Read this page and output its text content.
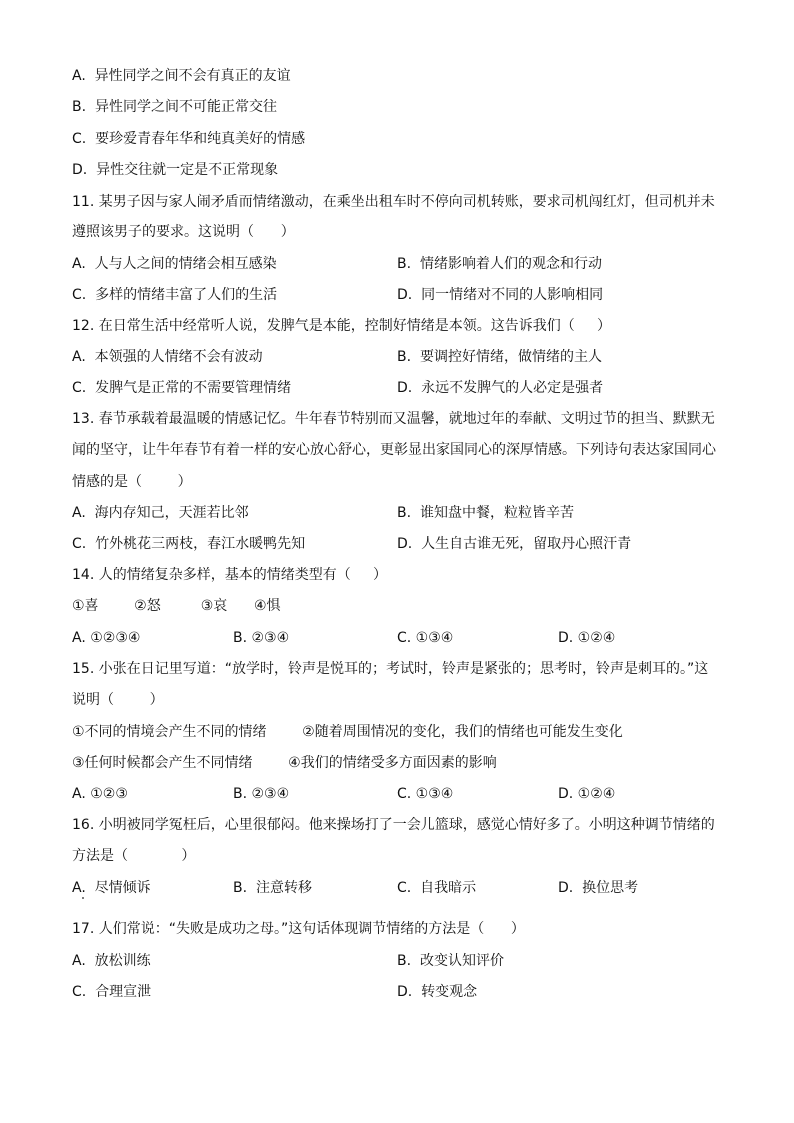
A.  异性同学之间不会有真正的友谊
B.  异性同学之间不可能正常交往
C.  要珍爱青春年华和纯真美好的情感
D.  异性交往就一定是不正常现象
11. 某男子因与家人闹矛盾而情绪激动，在乘坐出租车时不停向司机转账，要求司机闯红灯，但司机并未
遵照该男子的要求。这说明（      ）
A.  人与人之间的情绪会相互感染	B.  情绪影响着人们的观念和行动
C.  多样的情绪丰富了人们的生活	D.  同一情绪对不同的人影响相同
12. 在日常生活中经常听人说，发脾气是本能，控制好情绪是本领。这告诉我们（     ）
A.  本领强的人情绪不会有波动	B.  要调控好情绪，做情绪的主人
C.  发脾气是正常的不需要管理情绪	D.  永远不发脾气的人必定是强者
13. 春节承载着最温暖的情感记忆。牛年春节特别而又温馨，就地过年的奉献、文明过节的担当、默默无
闻的坚守，让牛年春节有着一样的安心放心舒心，更彰显出家国同心的深厚情感。下列诗句表达家国同心
情感的是（        ）
A.  海内存知己，天涯若比邻	B.  谁知盘中餐，粒粒皆辛苦
C.  竹外桃花三两枝，春江水暖鸭先知	D.  人生自古谁无死，留取丹心照汗青
14. 人的情绪复杂多样，基本的情绪类型有（     ）
①喜        ②怒         ③哀      ④惧
A. ①②③④	B. ②③④	C. ①③④	D. ①②④
15. 小张在日记里写道：“放学时，铃声是悦耳的；考试时，铃声是紧张的；思考时，铃声是刺耳的。”这
说明（        ）
①不同的情境会产生不同的情绪        ②随着周围情况的变化，我们的情绪也可能发生变化
③任何时候都会产生不同情绪        ④我们的情绪受多方面因素的影响
A. ①②③	B. ②③④	C. ①③④	D. ①②④
16. 小明被同学冤枉后，心里很郁闷。他来操场打了一会儿篮球，感觉心情好多了。小明这种调节情绪的
方法是（            ）
A.  尽情倾诉	B.  注意转移	C.  自我暗示	D.  换位思考
17. 人们常说：“失败是成功之母。”这句话体现调节情绪的方法是（      ）
A.  放松训练	B.  改变认知评价
C.  合理宣泄	D.  转变观念
